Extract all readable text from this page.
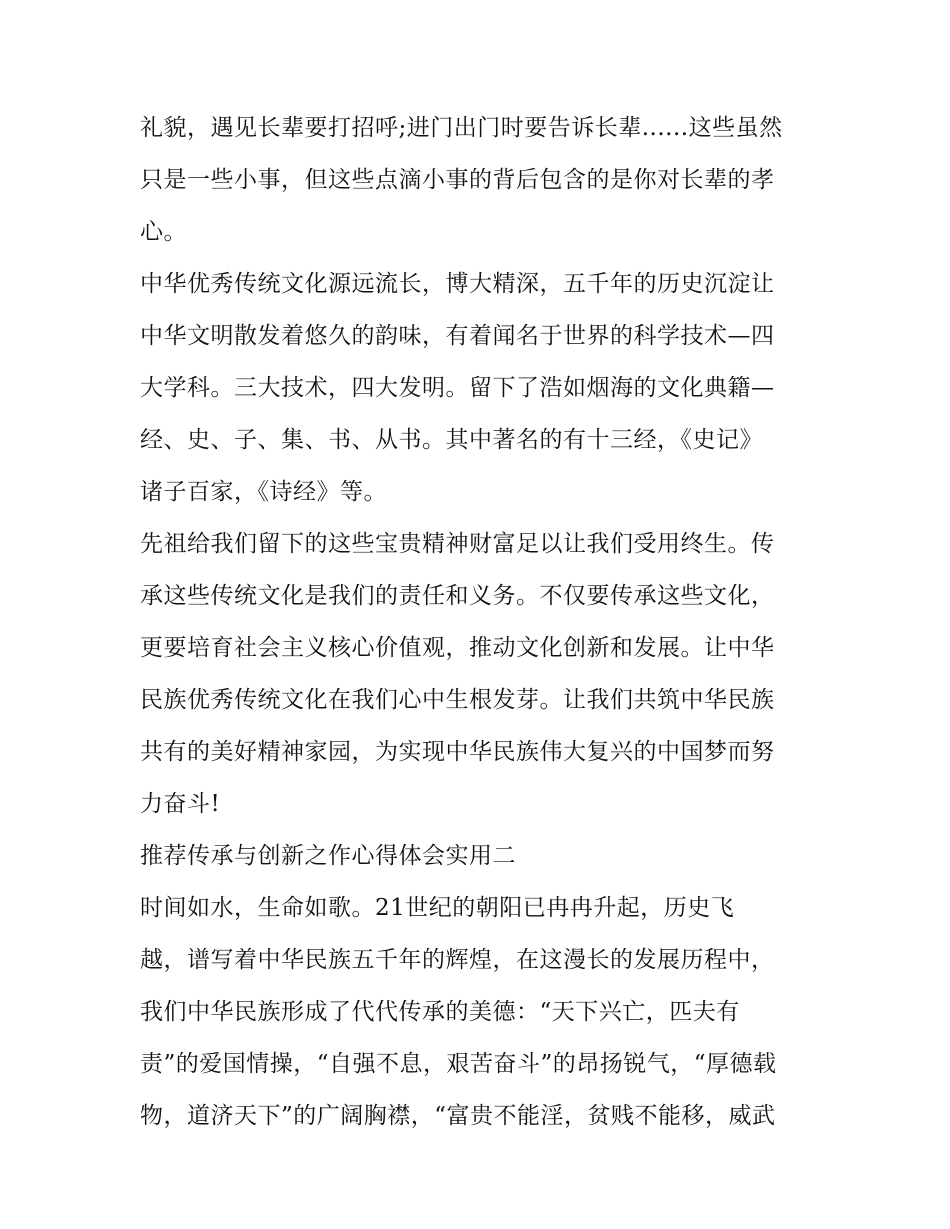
礼貌，遇见长辈要打招呼;进门出门时要告诉长辈......这些虽然
只是一些小事，但这些点滴小事的背后包含的是你对长辈的孝
心。
中华优秀传统文化源远流长，博大精深，五千年的历史沉淀让
中华文明散发着悠久的韵味，有着闻名于世界的科学技术—四
大学科。三大技术，四大发明。留下了浩如烟海的文化典籍—
经、史、子、集、书、从书。其中著名的有十三经，《史记》
诸子百家，《诗经》等。
先祖给我们留下的这些宝贵精神财富足以让我们受用终生。传
承这些传统文化是我们的责任和义务。不仅要传承这些文化，
更要培育社会主义核心价值观，推动文化创新和发展。让中华
民族优秀传统文化在我们心中生根发芽。让我们共筑中华民族
共有的美好精神家园，为实现中华民族伟大复兴的中国梦而努
力奋斗!
推荐传承与创新之作心得体会实用二
时间如水，生命如歌。21世纪的朝阳已冉冉升起，历史飞
越，谱写着中华民族五千年的辉煌，在这漫长的发展历程中，
我们中华民族形成了代代传承的美德：“天下兴亡，匹夫有
责”的爱国情操，“自强不息，艰苦奋斗”的昂扬锐气，“厚德载
物，道济天下”的广阔胸襟，“富贵不能淫，贫贱不能移，威武
